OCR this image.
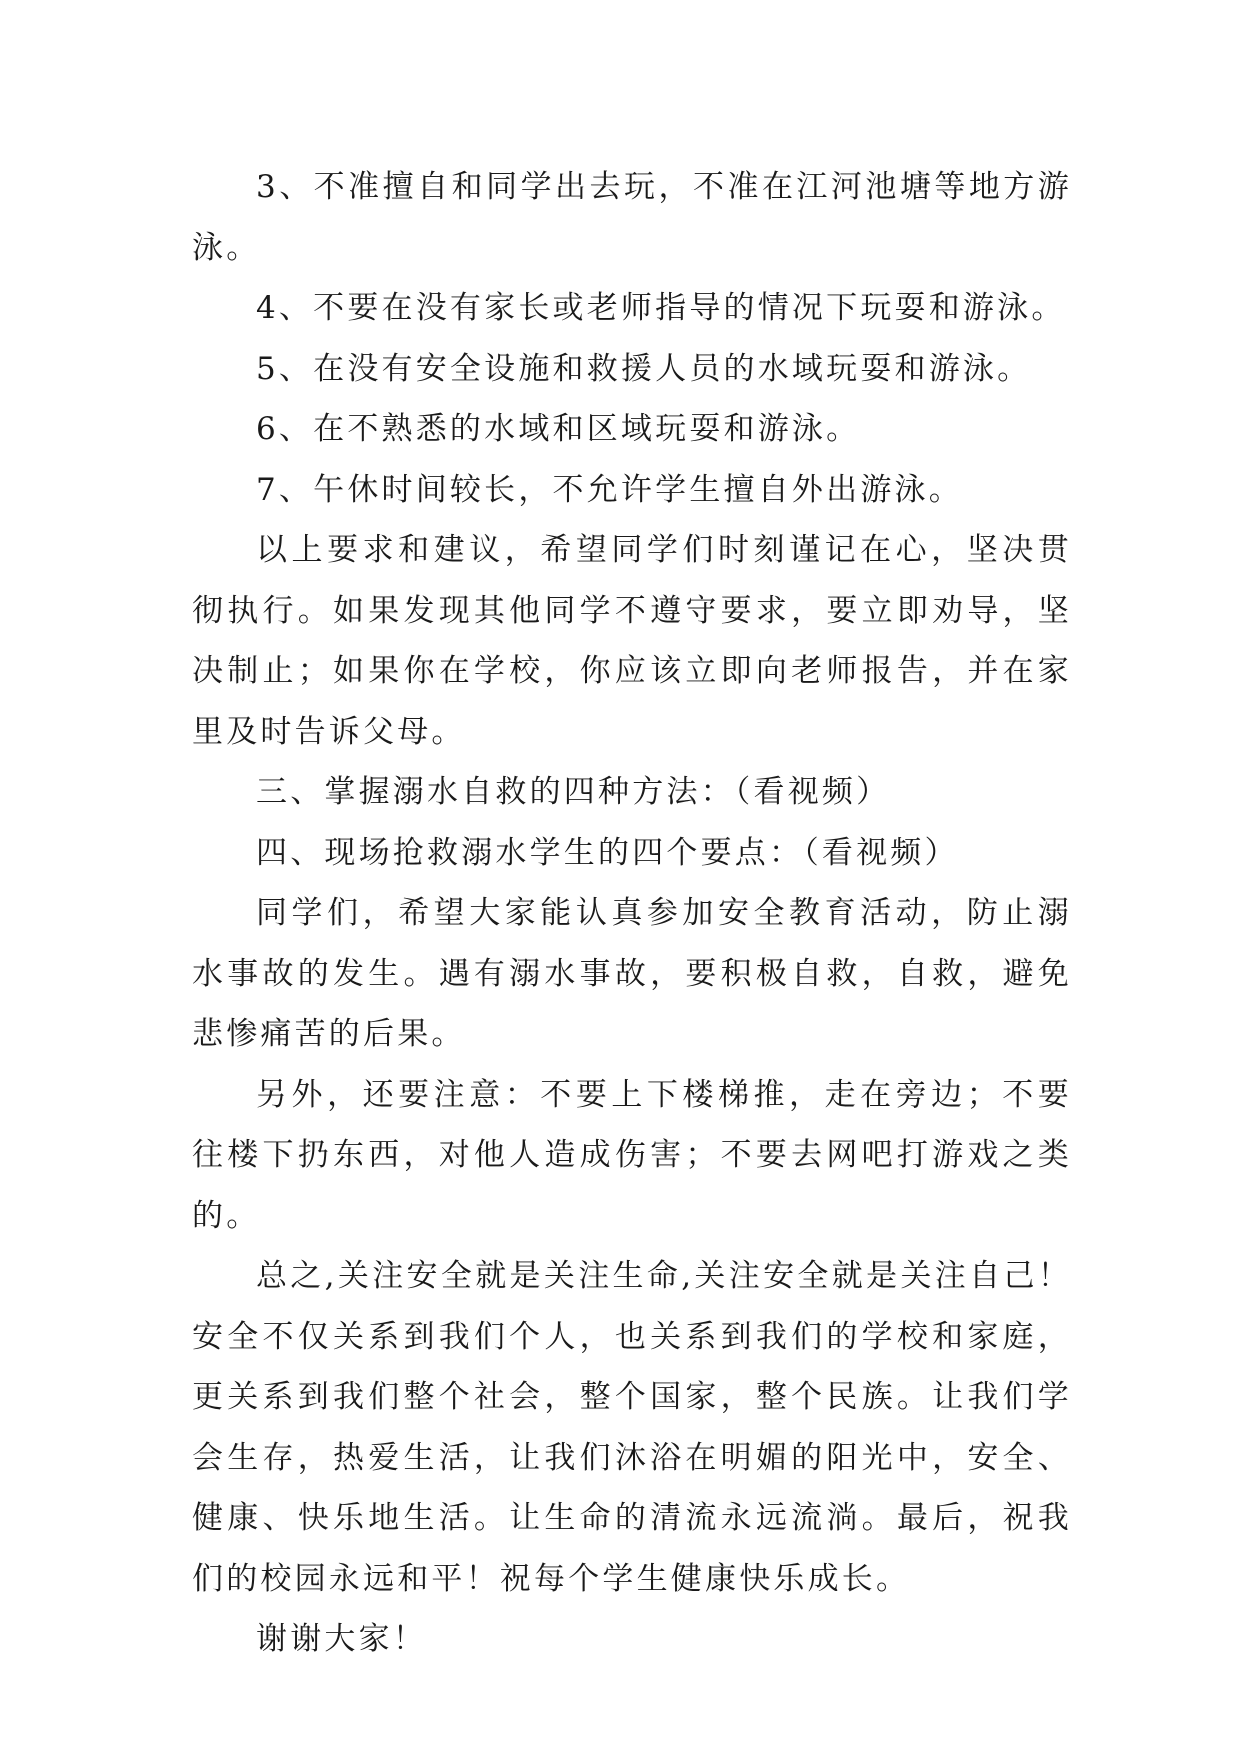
3、不准擅自和同学出去玩，不准在江河池塘等地方游泳。

4、不要在没有家长或老师指导的情况下玩耍和游泳。

5、在没有安全设施和救援人员的水域玩耍和游泳。

6、在不熟悉的水域和区域玩耍和游泳。

7、午休时间较长，不允许学生擅自外出游泳。

以上要求和建议，希望同学们时刻谨记在心，坚决贯彻执行。如果发现其他同学不遵守要求，要立即劝导，坚决制止；如果你在学校，你应该立即向老师报告，并在家里及时告诉父母。

三、掌握溺水自救的四种方法：（看视频）

四、现场抢救溺水学生的四个要点：（看视频）

同学们，希望大家能认真参加安全教育活动，防止溺水事故的发生。遇有溺水事故，要积极自救，自救，避免悲惨痛苦的后果。

另外，还要注意：不要上下楼梯推，走在旁边；不要往楼下扔东西，对他人造成伤害；不要去网吧打游戏之类的。

总之,关注安全就是关注生命,关注安全就是关注自己！安全不仅关系到我们个人，也关系到我们的学校和家庭，更关系到我们整个社会，整个国家，整个民族。让我们学会生存，热爱生活，让我们沐浴在明媚的阳光中，安全、健康、快乐地生活。让生命的清流永远流淌。最后，祝我们的校园永远和平！祝每个学生健康快乐成长。

谢谢大家！
